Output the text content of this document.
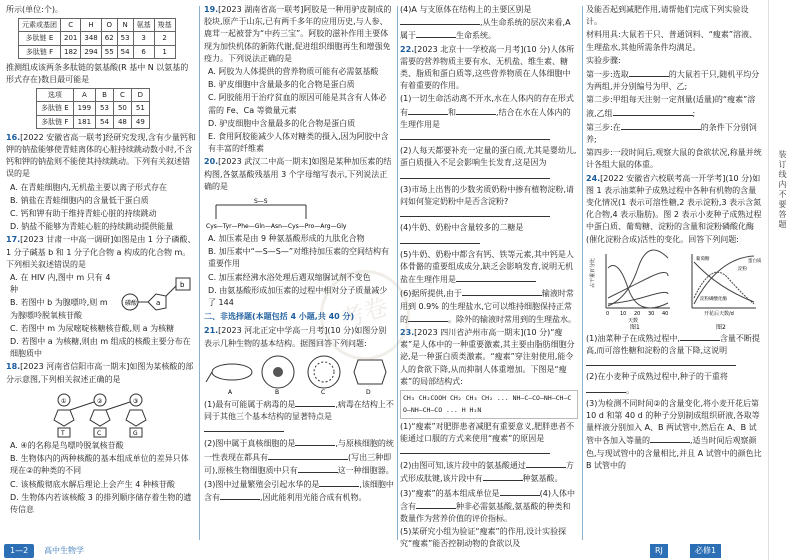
所示(单位:个)。

元素或基团	C	H	O	N	氨基	羧基
多肽链 E	201	348	62	53	3	2
多肽链 F	182	294	55	54	6	1

推测组成该两条多肽链的氨基酸(R 基中 N 以氨基的形式存在)数目最可能是

选项	A	B	C	D
多肽链 E	199	53	50	51
多肽链 F	181	54	48	49

16.[2022 安徽省高一联考]经研究发现,含有少量钙和钾的钠盐能够使青蛙离体的心脏持续跳动数小时,不含钙和钾的钠盐则不能使其持续跳动。下列有关叙述错误的是

A. 在青蛙细胞内,无机盐主要以离子形式存在

B. 钠盐在青蛙细胞内的含量低于蛋白质

C. 钙和钾有助于维持青蛙心脏的持续跳动

D. 钠盐不能够为青蛙心脏的持续跳动提供能量

17.[2023 甘肃一中高一调研]如图是由 1 分子磷酸、1 分子碱基 b 和 1 分子化合物 a 构成的化合物 m。下列相关叙述错误的是

磷酸	a
b

A. 在 HIV 内,图中 m 只有 4 种

B. 若图中 b 为腺嘌呤,则 m 为腺嘌呤脱氧核苷酸

C. 若图中 m 为尿嘧啶核糖核苷酸,则 a 为核糖

D. 若图中 a 为核糖,则由 m 组成的核酸主要分布在细胞质中

18.[2023 河南省信阳市高一期末]如图为某核酸的部分示意图,下列相关叙述正确的是

①	②	③
T	C	G

A. ④的名称是鸟嘌呤脱氧核苷酸

B. 生物体内的两种核酸的基本组成单位的差异只体现在②的种类的不同

C. 该核酸彻底水解后理论上会产生 4 种核苷酸

D. 生物体内若该核酸 3 的排列顺序储存着生物的遗传信息

19.[2023 湖南省高一联考]阿胶是一种用驴皮制成的胶块,原产于山东,已有两千多年的应用历史,与人参、鹿茸一起被誉为“中药三宝”。阿胶的滋补作用主要体现为加快机体的新陈代谢,促进组织细胞再生和增强免疫力。下列说法正确的是

A. 阿胶为人体提供的营养物质可能有必需氨基酸

B. 驴皮细胞中含量最多的化合物是蛋白质

C. 阿胶能用于治疗贫血的原因可能是其含有人体必需的 Fe、Ca 等微量元素

D. 驴皮细胞中含量最多的化合物是蛋白质

E. 食用阿胶能减少人体对糖类的摄入,因为阿胶中含有丰富的纤维素

20.[2023 武汉二中高一期末]如图是某种加压素的结构图,各氨基酸残基用 3 个字母缩写表示,下列说法正确的是

S—S
Cys—Tyr—Phe—Gln—Asn—Cys—Pro—Arg—Gly

A. 加压素是由 9 种氨基酸形成的九肽化合物

B. 加压素中“—S—S—”对维持加压素的空间结构有重要作用

C. 加压素经沸水浴处理后遇双缩脲试剂不变色

D. 由氨基酸形成加压素的过程中相对分子质量减少了 144

二、非选择题(本题包括 4 小题,共 40 分)

21.[2023 河北正定中学高一月考](10 分)如图分别表示几种生物的基本结构。据图回答下列问题:

A	B	C	D

(1)最有可能属于病毒的是	,病毒在结构上不同于其他三个基本结构的显著特点是

(2)图中属于真核细胞的是	,与原核细胞的统一性表现在都具有	(写出三种即可),原核生物细胞质中只有	这一种细胞器。

(3)图中过量繁殖会引起水华的是	,该细胞中含有	,因此能利用光能合成有机物。

(4)A 与支原体在结构上的主要区别是,从生命系统的层次来看,A 属于	生命系统。

22.[2023 北京十一学校高一月考](10 分)人体所需要的营养物质主要有水、无机盐、维生素、糖类、脂质和蛋白质等,这些营养物质在人体细胞中有着重要的作用。

(1)一切生命活动离不开水,水在人体内的存在形式有	和	,结合在水在人体内的生理作用是

(2)人每天都要补充一定量的蛋白质,尤其是婴幼儿,蛋白质摄入不足会影响生长发育,这是因为

(3)市场上出售的少数劣质奶粉中掺有植物淀粉,请问如何鉴定奶粉中是否含淀粉?

(4)牛奶、奶粉中含量较多的二糖是

(5)牛奶、奶粉中都含有钙、铁等元素,其中钙是人体骨骼的重要组成成分,缺乏会影响发育,说明无机盐在生理作用是

(6)据所提供,由于	输液时常用到 0.9% 的生理盐水,它可以维持细胞保持正常的	。除外的输液时常用到的生理盐水。

23.[2023 四川省泸州市高一期末](10 分)“瘦素”是人体中的一种重要激素,其主要由脂肪细胞分泌,是一种蛋白质类激素。“瘦素”穿注射使用,能令人的食欲下降,从而抑制人体重增加。下图是“瘦素”的局部结构式:

CH₃ CH₂COOH CH₂ CH₃ CH₂ ... NH—C—CO—NH—CH—CO—NH—CH—CO ... H H₂N

(1)“瘦素”对肥胖患者减肥有重要意义,肥胖患者不能通过口服的方式来使用“瘦素”的原因是

(2)由图可知,该片段中的氨基酸通过	方式形成肽键,该片段中有	种氨基酸。

(3)“瘦素”的基本组成单位是	(4)人体中含有	种非必需氨基酸,氨基酸的种类和数量作为营养价值的评价指标。

(5)某研究小组为验证“瘦素”的作用,设计实验探究“瘦素”能否控制动物的食欲以及

及能否起到减肥作用,请帮他们完成下列实验设计。

材料用具:大鼠若干只、普通饲料、“瘦素”溶液、生理盐水,其他所需条件均满足。

实验步骤:

第一步:选取	的大鼠若干只,随机平均分为两组,并分别编号为甲、乙;

第二步:甲组每天注射一定剂量(适量)的“瘦素”溶液,乙组	;

第三步:在	的条件下分别饲养;

第四步:一段时间后,观察大鼠的食欲状况,称量并统计各组大鼠的体重。

24.[2022 安徽省六校联考高一开学考](10 分)如图 1 表示油菜种子成熟过程中各种有机物的含量变化情况(1 表示可溶性糖,2 表示淀粉,3 表示含氮化合物,4 表示脂肪)。图 2 表示小麦种子成熟过程中蛋白质、葡萄糖、淀粉的含量和淀粉磷酸化酶(催化淀粉合成)活性的变化。回答下列问题:

占干重百分比
0 10 20 30 40
天数
图1
蛋白质
淀粉
葡萄糖
淀粉磷酸化酶
开花后天数/d
图2

(1)油菜种子在成熟过程中,	含量不断提高,而可溶性糖和淀粉的含量下降,这说明

(2)在小麦种子成熟过程中,种子的干重将。

(3)为检测不同时间②的含量变化,将小麦开花后第 10 d 和第 40 d 的种子分别制成组织研液,各取等量样液分别加入 A、B 两试管中,然后在 A、B 试管中各加入等量的	,适当时间后观察颜色,与现试管中的含量相比,并且 A 试管中的颜色比 B 试管中的

装订线内不要答题
考卷
1—2	高中生物学	RJ	必修1
